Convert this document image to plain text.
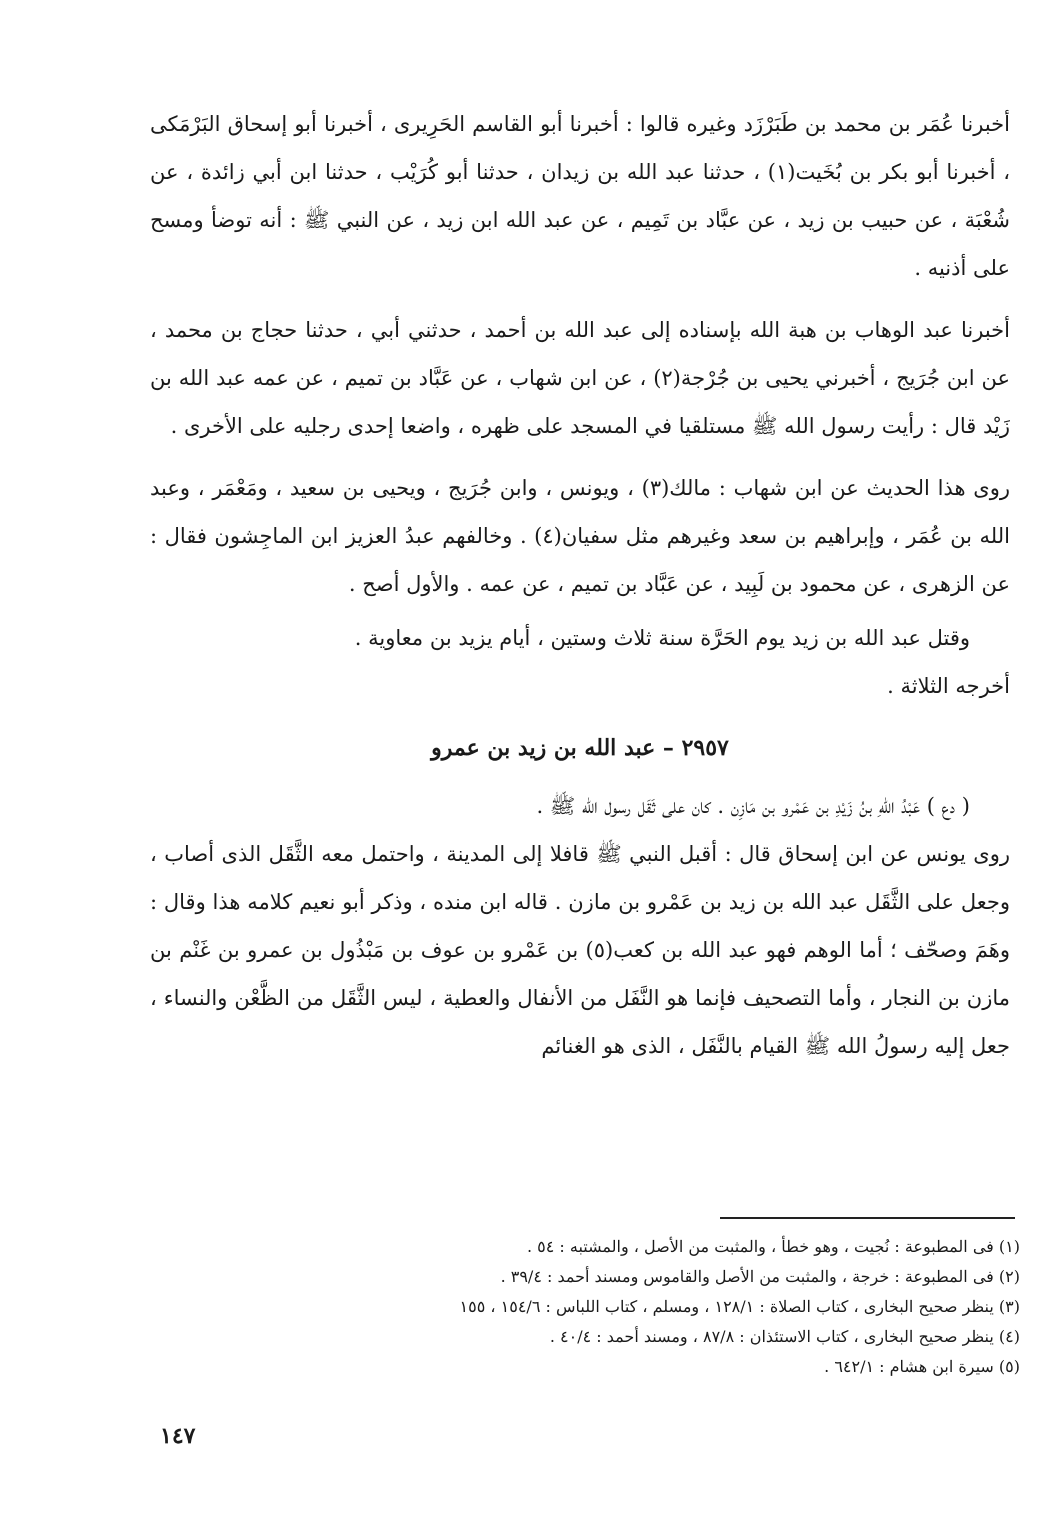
أخبرنا عُمَر بن محمد بن طَبَرْزَد وغيره قالوا : أخبرنا أبو القاسم الحَرِيرى ، أخبرنا أبو إسحاق البَرْمَكى ، أخبرنا أبو بكر بن بُخَيت(١) ، حدثنا عبد الله بن زيدان ، حدثنا أبو كُرَيْب ، حدثنا ابن أبي زائدة ، عن شُعْبَة ، عن حبيب بن زيد ، عن عبَّاد بن تَمِيم ، عن عبد الله ابن زيد ، عن النبي ﷺ : أنه توضأ ومسح على أذنيه .

أخبرنا عبد الوهاب بن هبة الله بإسناده إلى عبد الله بن أحمد ، حدثني أبي ، حدثنا حجاج بن محمد ، عن ابن جُرَيج ، أخبرني يحيى بن جُرْجة(٢) ، عن ابن شهاب ، عن عَبَّاد بن تميم ، عن عمه عبد الله بن زَيْد قال : رأيت رسول الله ﷺ مستلقيا في المسجد على ظهره ، واضعا إحدى رجليه على الأخرى .

روى هذا الحديث عن ابن شهاب : مالك(٣) ، ويونس ، وابن جُرَيج ، ويحيى بن سعيد ، ومَعْمَر ، وعبد الله بن عُمَر ، وإبراهيم بن سعد وغيرهم مثل سفيان(٤) . وخالفهم عبدُ العزيز ابن الماجِشون فقال : عن الزهرى ، عن محمود بن لَبِيد ، عن عَبَّاد بن تميم ، عن عمه . والأول أصح .

وقتل عبد الله بن زيد يوم الحَرَّة سنة ثلاث وستين ، أيام يزيد بن معاوية .

أخرجه الثلاثة .

٢٩٥٧ – عبد الله بن زيد بن عمرو

( دع ) عَبْدُ اللهِ بنُ زَيْدِ بن عَمْرو بن مَازِن . كان على ثَقَل رسول الله ﷺ .

روى يونس عن ابن إسحاق قال : أقبل النبي ﷺ قافلا إلى المدينة ، واحتمل معه الثَّقَل الذى أصاب ، وجعل على الثَّقَل عبد الله بن زيد بن عَمْرو بن مازن . قاله ابن منده ، وذكر أبو نعيم كلامه هذا وقال : وهَمَ وصحّف ؛ أما الوهم فهو عبد الله بن كعب(٥) بن عَمْرو بن عوف بن مَبْذُول بن عمرو بن غَنْم بن مازن بن النجار ، وأما التصحيف فإنما هو النَّفَل من الأنفال والعطية ، ليس الثَّقَل من الظَّعْن والنساء ، جعل إليه رسولُ الله ﷺ القيام بالنَّفَل ، الذى هو الغنائم

(١) فى المطبوعة : نُجيت ، وهو خطأ ، والمثبت من الأصل ، والمشتبه : ٥٤ .
(٢) فى المطبوعة : خرجة ، والمثبت من الأصل والقاموس ومسند أحمد : ٣٩/٤ .
(٣) ينظر صحيح البخارى ، كتاب الصلاة : ١٢٨/١ ، ومسلم ، كتاب اللباس : ١٥٤/٦ ، ١٥٥
(٤) ينظر صحيح البخارى ، كتاب الاستئذان : ٨٧/٨ ، ومسند أحمد : ٤٠/٤ .
(٥) سيرة ابن هشام : ٦٤٢/١ .
١٤٧
